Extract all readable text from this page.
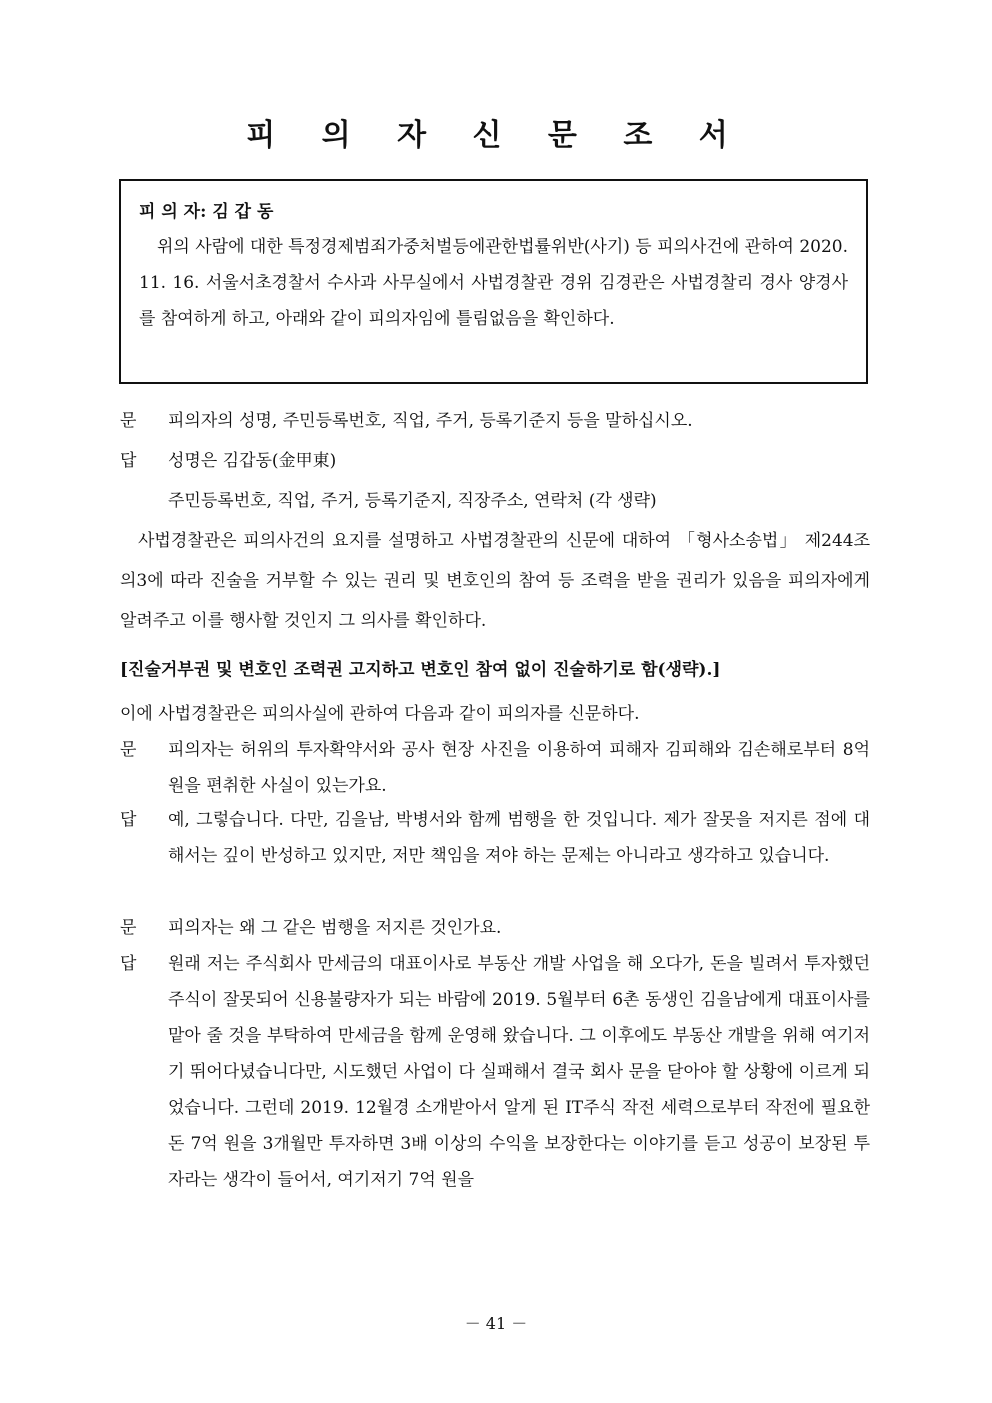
피 의 자 신 문 조 서
피 의 자: 김 갑 동
위의 사람에 대한 특정경제범죄가중처벌등에관한법률위반(사기) 등 피의사건에 관하여 2020. 11. 16. 서울서초경찰서 수사과 사무실에서 사법경찰관 경위 김경관은 사법경찰리 경사 양경사를 참여하게 하고, 아래와 같이 피의자임에 틀림없음을 확인하다.
문 피의자의 성명, 주민등록번호, 직업, 주거, 등록기준지 등을 말하십시오.
답 성명은 김갑동(金甲東)
주민등록번호, 직업, 주거, 등록기준지, 직장주소, 연락처 (각 생략)
사법경찰관은 피의사건의 요지를 설명하고 사법경찰관의 신문에 대하여 「형사소송법」 제244조의3에 따라 진술을 거부할 수 있는 권리 및 변호인의 참여 등 조력을 받을 권리가 있음을 피의자에게 알려주고 이를 행사할 것인지 그 의사를 확인하다.
[진술거부권 및 변호인 조력권 고지하고 변호인 참여 없이 진술하기로 함(생략).]
이에 사법경찰관은 피의사실에 관하여 다음과 같이 피의자를 신문하다.
문 피의자는 허위의 투자확약서와 공사 현장 사진을 이용하여 피해자 김피해와 김손해로부터 8억 원을 편취한 사실이 있는가요.
답 예, 그렇습니다. 다만, 김을남, 박병서와 함께 범행을 한 것입니다. 제가 잘못을 저지른 점에 대해서는 깊이 반성하고 있지만, 저만 책임을 져야 하는 문제는 아니라고 생각하고 있습니다.
문 피의자는 왜 그 같은 범행을 저지른 것인가요.
답 원래 저는 주식회사 만세금의 대표이사로 부동산 개발 사업을 해 오다가, 돈을 빌려서 투자했던 주식이 잘못되어 신용불량자가 되는 바람에 2019. 5월부터 6촌 동생인 김을남에게 대표이사를 맡아 줄 것을 부탁하여 만세금을 함께 운영해 왔습니다. 그 이후에도 부동산 개발을 위해 여기저기 뛰어다녔습니다만, 시도했던 사업이 다 실패해서 결국 회사 문을 닫아야 할 상황에 이르게 되었습니다. 그런데 2019. 12월경 소개받아서 알게 된 IT주식 작전 세력으로부터 작전에 필요한 돈 7억 원을 3개월만 투자하면 3배 이상의 수익을 보장한다는 이야기를 듣고 성공이 보장된 투자라는 생각이 들어서, 여기저기 7억 원을
－ 41 －
